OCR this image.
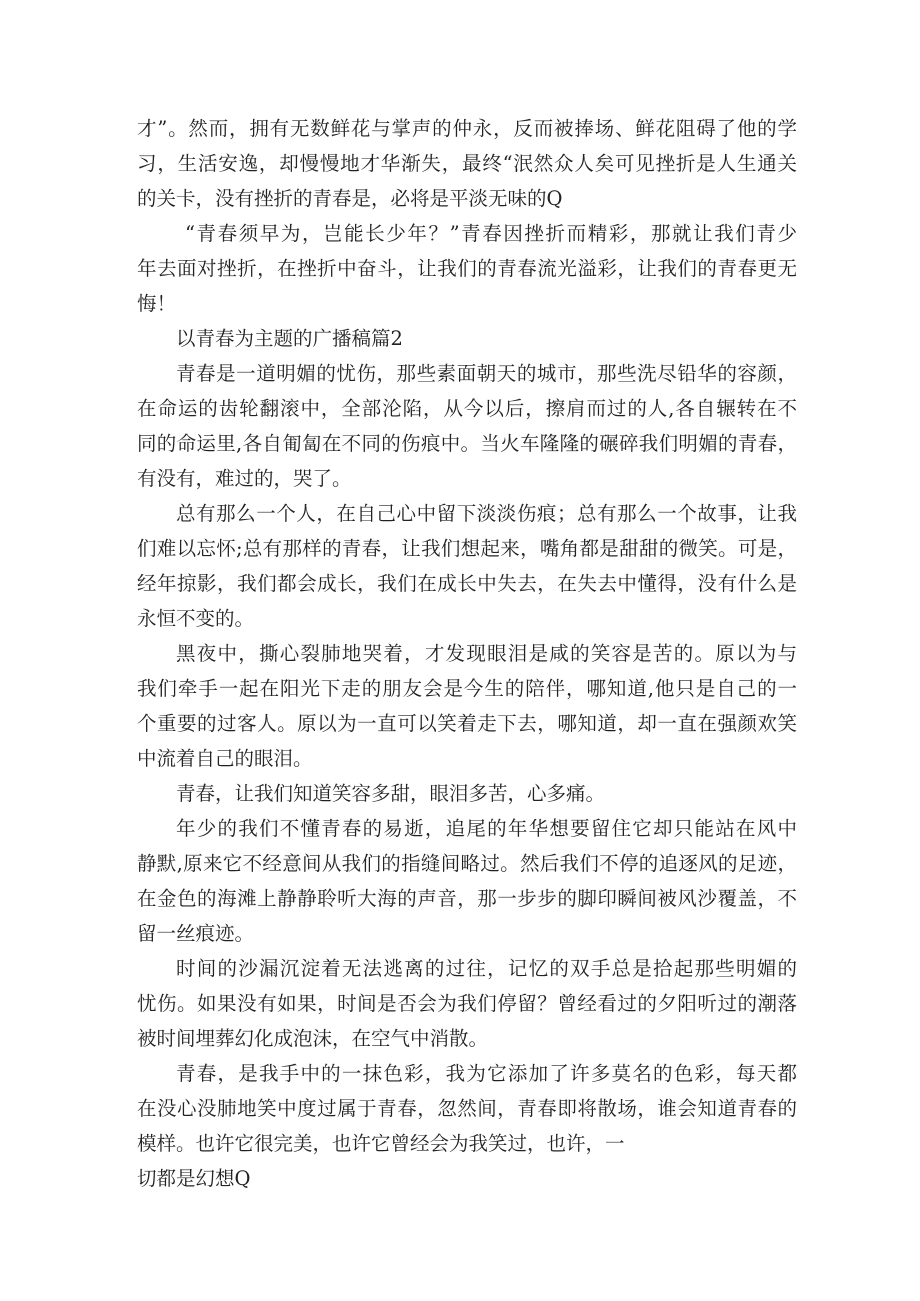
才”。然而，拥有无数鲜花与掌声的仲永，反而被捧场、鲜花阻碍了他的学
习，生活安逸，却慢慢地才华渐失，最终“泯然众人矣可见挫折是人生通关
的关卡，没有挫折的青春是，必将是平淡无味的Q
“青春须早为，岂能长少年？”青春因挫折而精彩，那就让我们青少
年去面对挫折，在挫折中奋斗，让我们的青春流光溢彩，让我们的青春更无
悔！
以青春为主题的广播稿篇2
青春是一道明媚的忧伤，那些素面朝天的城市，那些洗尽铅华的容颜，
在命运的齿轮翻滚中，全部沦陷，从今以后，擦肩而过的人,各自辗转在不
同的命运里,各自匍匐在不同的伤痕中。当火车隆隆的碾碎我们明媚的青春，
有没有，难过的，哭了。
总有那么一个人，在自己心中留下淡淡伤痕；总有那么一个故事，让我
们难以忘怀;总有那样的青春，让我们想起来，嘴角都是甜甜的微笑。可是，
经年掠影，我们都会成长，我们在成长中失去，在失去中懂得，没有什么是
永恒不变的。
黑夜中，撕心裂肺地哭着，才发现眼泪是咸的笑容是苦的。原以为与
我们牵手一起在阳光下走的朋友会是今生的陪伴，哪知道,他只是自己的一
个重要的过客人。原以为一直可以笑着走下去，哪知道，却一直在强颜欢笑
中流着自己的眼泪。
青春，让我们知道笑容多甜，眼泪多苦，心多痛。
年少的我们不懂青春的易逝，追尾的年华想要留住它却只能站在风中
静默,原来它不经意间从我们的指缝间略过。然后我们不停的追逐风的足迹，
在金色的海滩上静静聆听大海的声音，那一步步的脚印瞬间被风沙覆盖，不
留一丝痕迹。
时间的沙漏沉淀着无法逃离的过往，记忆的双手总是拾起那些明媚的
忧伤。如果没有如果，时间是否会为我们停留？曾经看过的夕阳听过的潮落
被时间埋葬幻化成泡沫，在空气中消散。
青春，是我手中的一抹色彩，我为它添加了许多莫名的色彩，每天都
在没心没肺地笑中度过属于青春，忽然间，青春即将散场，谁会知道青春的
模样。也许它很完美，也许它曾经会为我笑过，也许，一
切都是幻想Q
